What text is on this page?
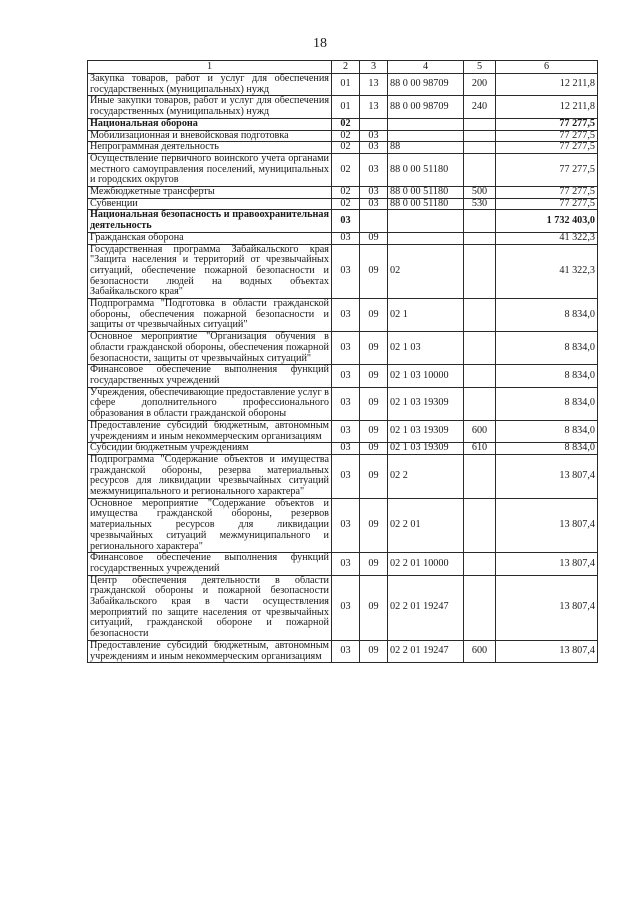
18
1	2	3	4	5	6
Закупка товаров, работ и услуг для обеспечения государственных (муниципальных) нужд	01	13	88 0 00 98709	200	12 211,8
Иные закупки товаров, работ и услуг для обеспечения государственных (муниципальных) нужд	01	13	88 0 00 98709	240	12 211,8
Национальная оборона	02				77 277,5
Мобилизационная и вневойсковая подготовка	02	03			77 277,5
Непрограммная деятельность	02	03	88		77 277,5
Осуществление первичного воинского учета органами местного самоуправления поселений, муниципальных и городских округов	02	03	88 0 00 51180		77 277,5
Межбюджетные трансферты	02	03	88 0 00 51180	500	77 277,5
Субвенции	02	03	88 0 00 51180	530	77 277,5
Национальная безопасность и правоохранительная деятельность	03				1 732 403,0
Гражданская оборона	03	09			41 322,3
Государственная программа Забайкальского края "Защита населения и территорий от чрезвычайных ситуаций, обеспечение пожарной безопасности и безопасности людей на водных объектах Забайкальского края"	03	09	02		41 322,3
Подпрограмма "Подготовка в области гражданской обороны, обеспечения пожарной безопасности и защиты от чрезвычайных ситуаций"	03	09	02 1		8 834,0
Основное мероприятие "Организация обучения в области гражданской обороны, обеспечения пожарной безопасности, защиты от чрезвычайных ситуаций"	03	09	02 1 03		8 834,0
Финансовое обеспечение выполнения функций государственных учреждений	03	09	02 1 03 10000		8 834,0
Учреждения, обеспечивающие предоставление услуг в сфере дополнительного профессионального образования в области гражданской обороны	03	09	02 1 03 19309		8 834,0
Предоставление субсидий бюджетным, автономным учреждениям и иным некоммерческим организациям	03	09	02 1 03 19309	600	8 834,0
Субсидии бюджетным учреждениям	03	09	02 1 03 19309	610	8 834,0
Подпрограмма "Содержание объектов и имущества гражданской обороны, резерва материальных ресурсов для ликвидации чрезвычайных ситуаций межмуниципального и регионального характера"	03	09	02 2		13 807,4
Основное мероприятие "Содержание объектов и имущества гражданской обороны, резервов материальных ресурсов для ликвидации чрезвычайных ситуаций межмуниципального и регионального характера"	03	09	02 2 01		13 807,4
Финансовое обеспечение выполнения функций государственных учреждений	03	09	02 2 01 10000		13 807,4
Центр обеспечения деятельности в области гражданской обороны и пожарной безопасности Забайкальского края в части осуществления мероприятий по защите населения от чрезвычайных ситуаций, гражданской обороне и пожарной безопасности	03	09	02 2 01 19247		13 807,4
Предоставление субсидий бюджетным, автономным учреждениям и иным некоммерческим организациям	03	09	02 2 01 19247	600	13 807,4
